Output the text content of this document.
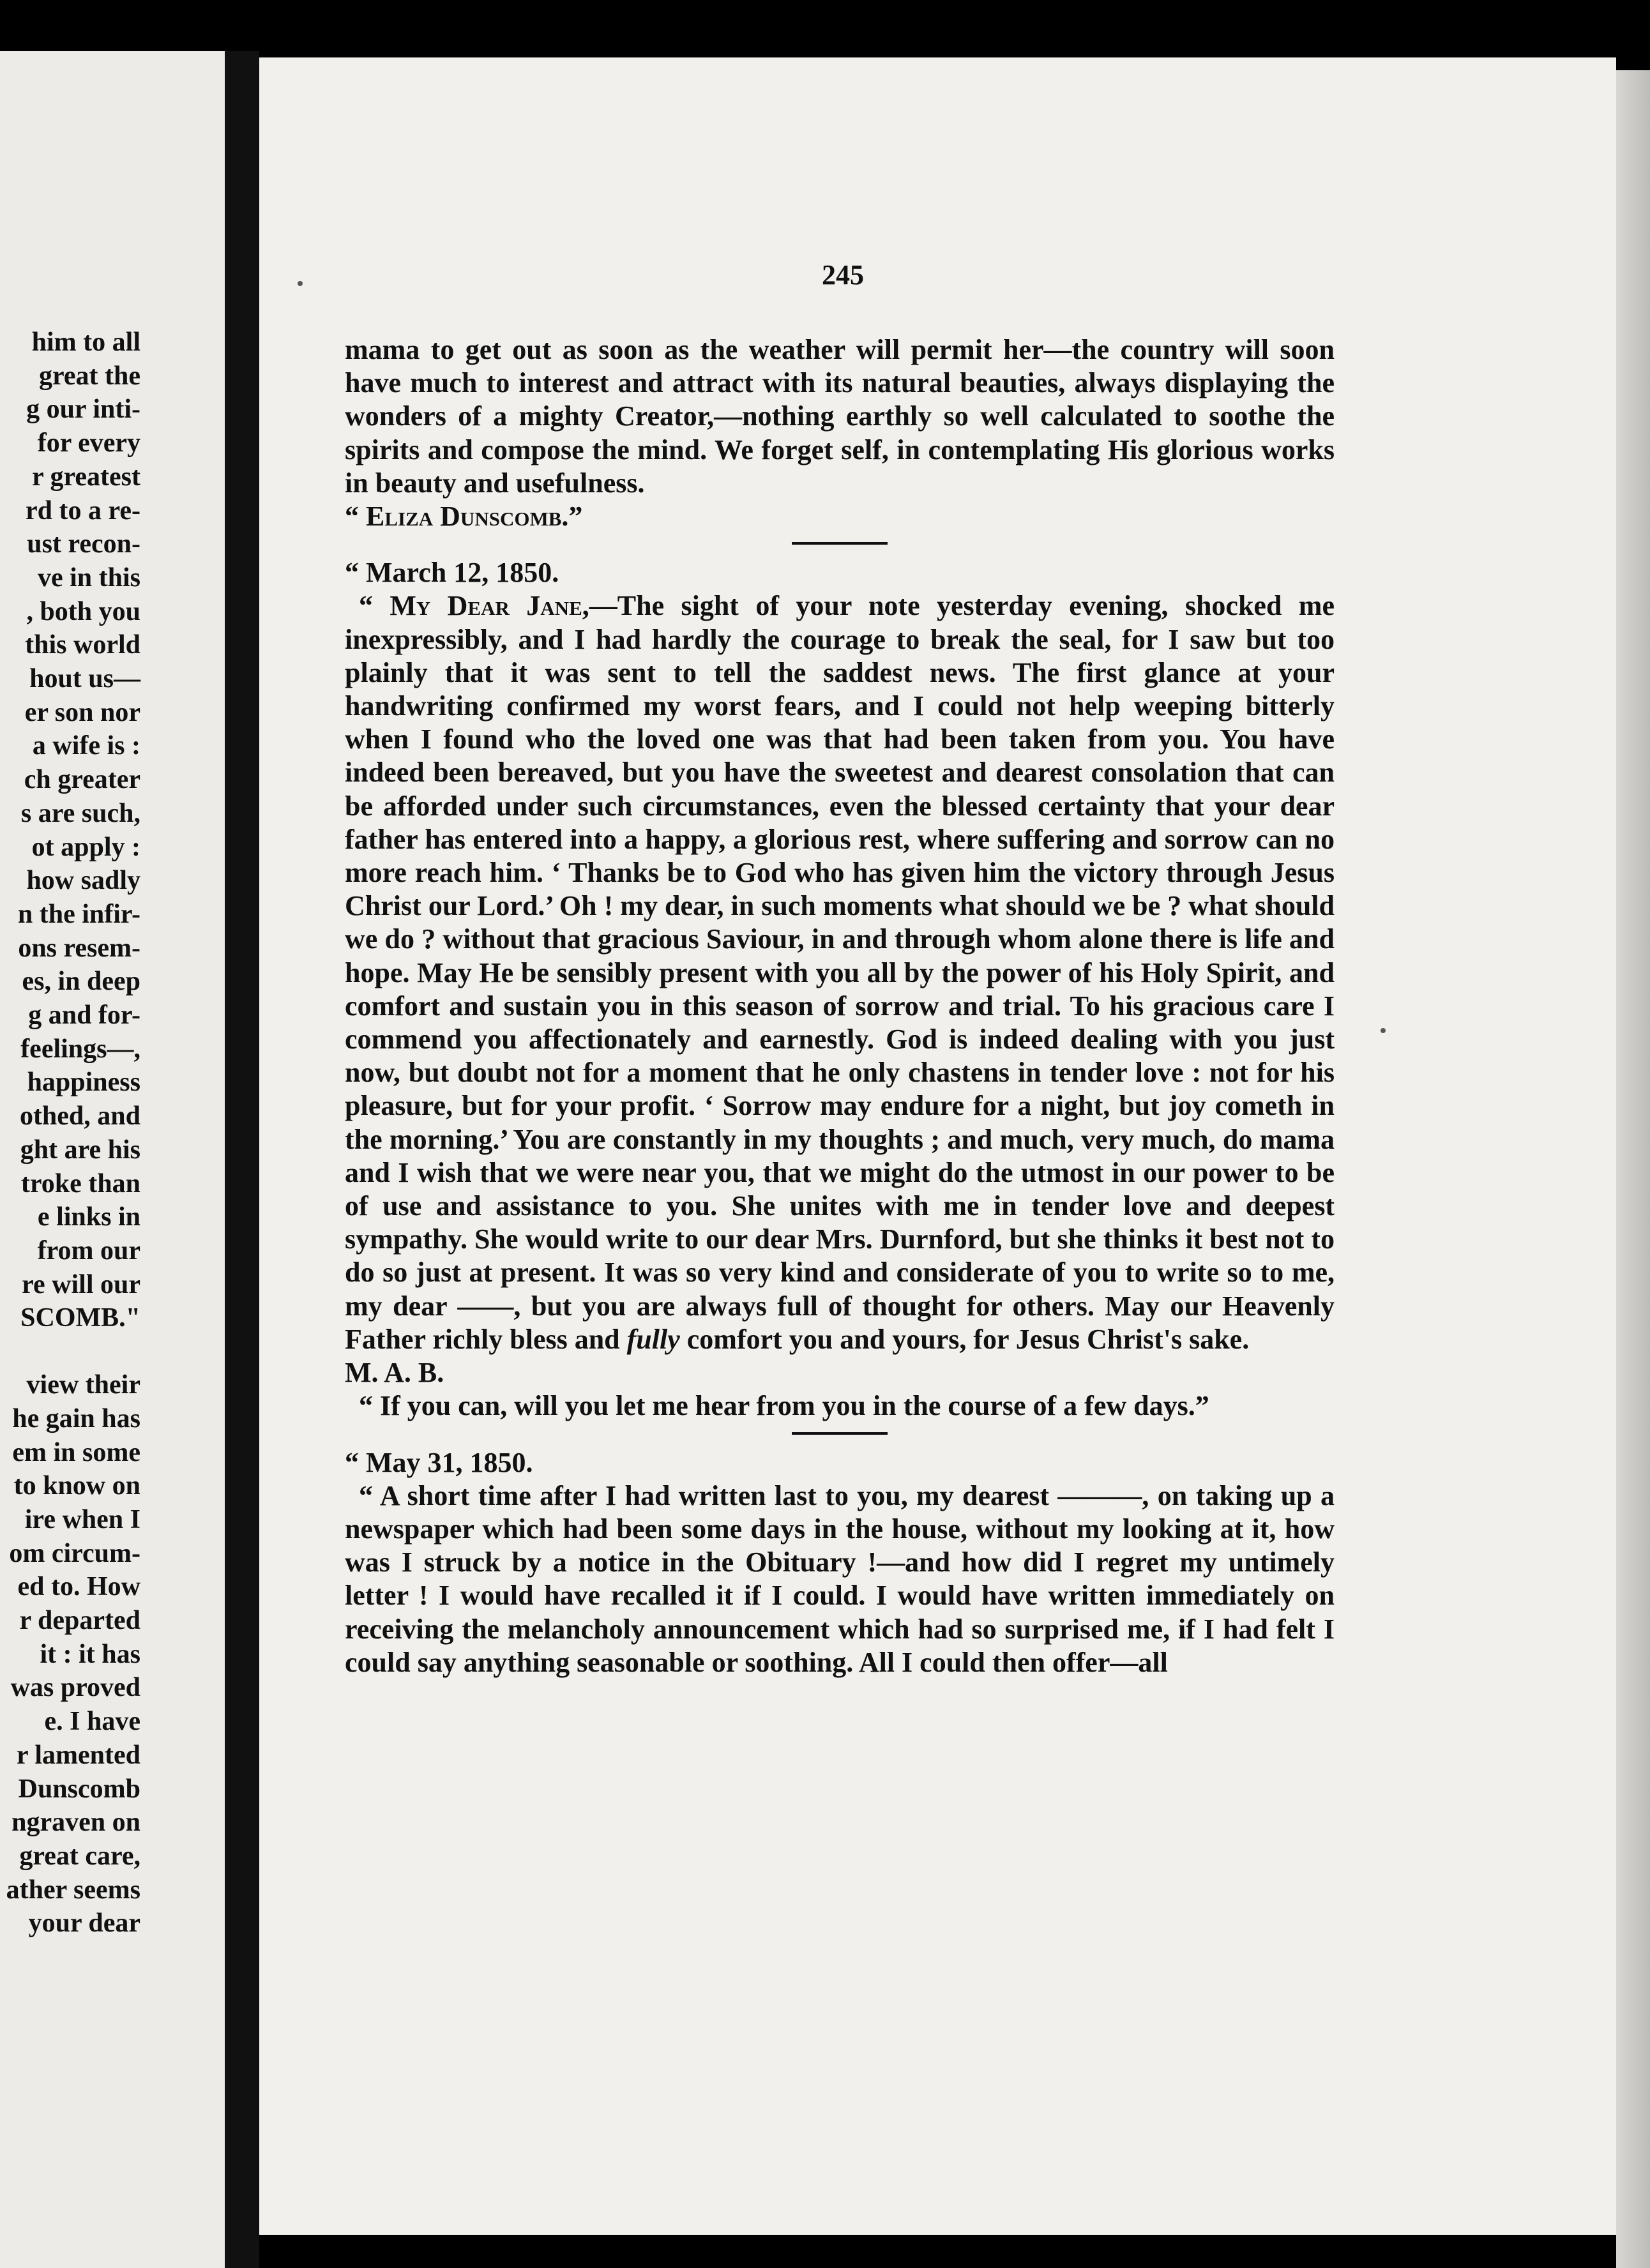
him to all
great the
g our inti-
for every
r greatest
rd to a re-
ust recon-
ve in this
, both you
this world
hout us—
er son nor
a wife is :
ch greater
s are such,
ot apply :
how sadly
n the infir-
ons resem-
es, in deep
g and for-
feelings—,
happiness
othed, and
ght are his
troke than
e links in
from our
re will our
SCOMB."
view their
he gain has
em in some
to know on
ire when I
om circum-
ed to. How
r departed
it : it has
was proved
e. I have
r lamented
Dunscomb
ngraven on
great care,
ather seems
your dear
245

mama to get out as soon as the weather will permit her—the country will soon have much to interest and attract with its natural beauties, always displaying the wonders of a mighty Creator,—nothing earthly so well calculated to soothe the spirits and compose the mind. We forget self, in contemplating His glorious works in beauty and usefulness.

“ Eliza Dunscomb.”

“ March 12, 1850.

“ My Dear Jane,—The sight of your note yesterday evening, shocked me inexpressibly, and I had hardly the courage to break the seal, for I saw but too plainly that it was sent to tell the saddest news. The first glance at your handwriting confirmed my worst fears, and I could not help weeping bitterly when I found who the loved one was that had been taken from you. You have indeed been bereaved, but you have the sweetest and dearest consolation that can be afforded under such circumstances, even the blessed certainty that your dear father has entered into a happy, a glorious rest, where suffering and sorrow can no more reach him. ‘ Thanks be to God who has given him the victory through Jesus Christ our Lord.’ Oh ! my dear, in such moments what should we be ? what should we do ? without that gracious Saviour, in and through whom alone there is life and hope. May He be sensibly present with you all by the power of his Holy Spirit, and comfort and sustain you in this season of sorrow and trial. To his gracious care I commend you affectionately and earnestly. God is indeed dealing with you just now, but doubt not for a moment that he only chastens in tender love : not for his pleasure, but for your profit. ‘ Sorrow may endure for a night, but joy cometh in the morning.’ You are constantly in my thoughts ; and much, very much, do mama and I wish that we were near you, that we might do the utmost in our power to be of use and assistance to you. She unites with me in tender love and deepest sympathy. She would write to our dear Mrs. Durnford, but she thinks it best not to do so just at present. It was so very kind and considerate of you to write so to me, my dear ——, but you are always full of thought for others. May our Heavenly Father richly bless and fully comfort you and yours, for Jesus Christ's sake.

M. A. B.

“ If you can, will you let me hear from you in the course of a few days.”

“ May 31, 1850.

“ A short time after I had written last to you, my dearest ———, on taking up a newspaper which had been some days in the house, without my looking at it, how was I struck by a notice in the Obituary !—and how did I regret my untimely letter ! I would have recalled it if I could. I would have written immediately on receiving the melancholy announcement which had so surprised me, if I had felt I could say anything seasonable or soothing. All I could then offer—all
